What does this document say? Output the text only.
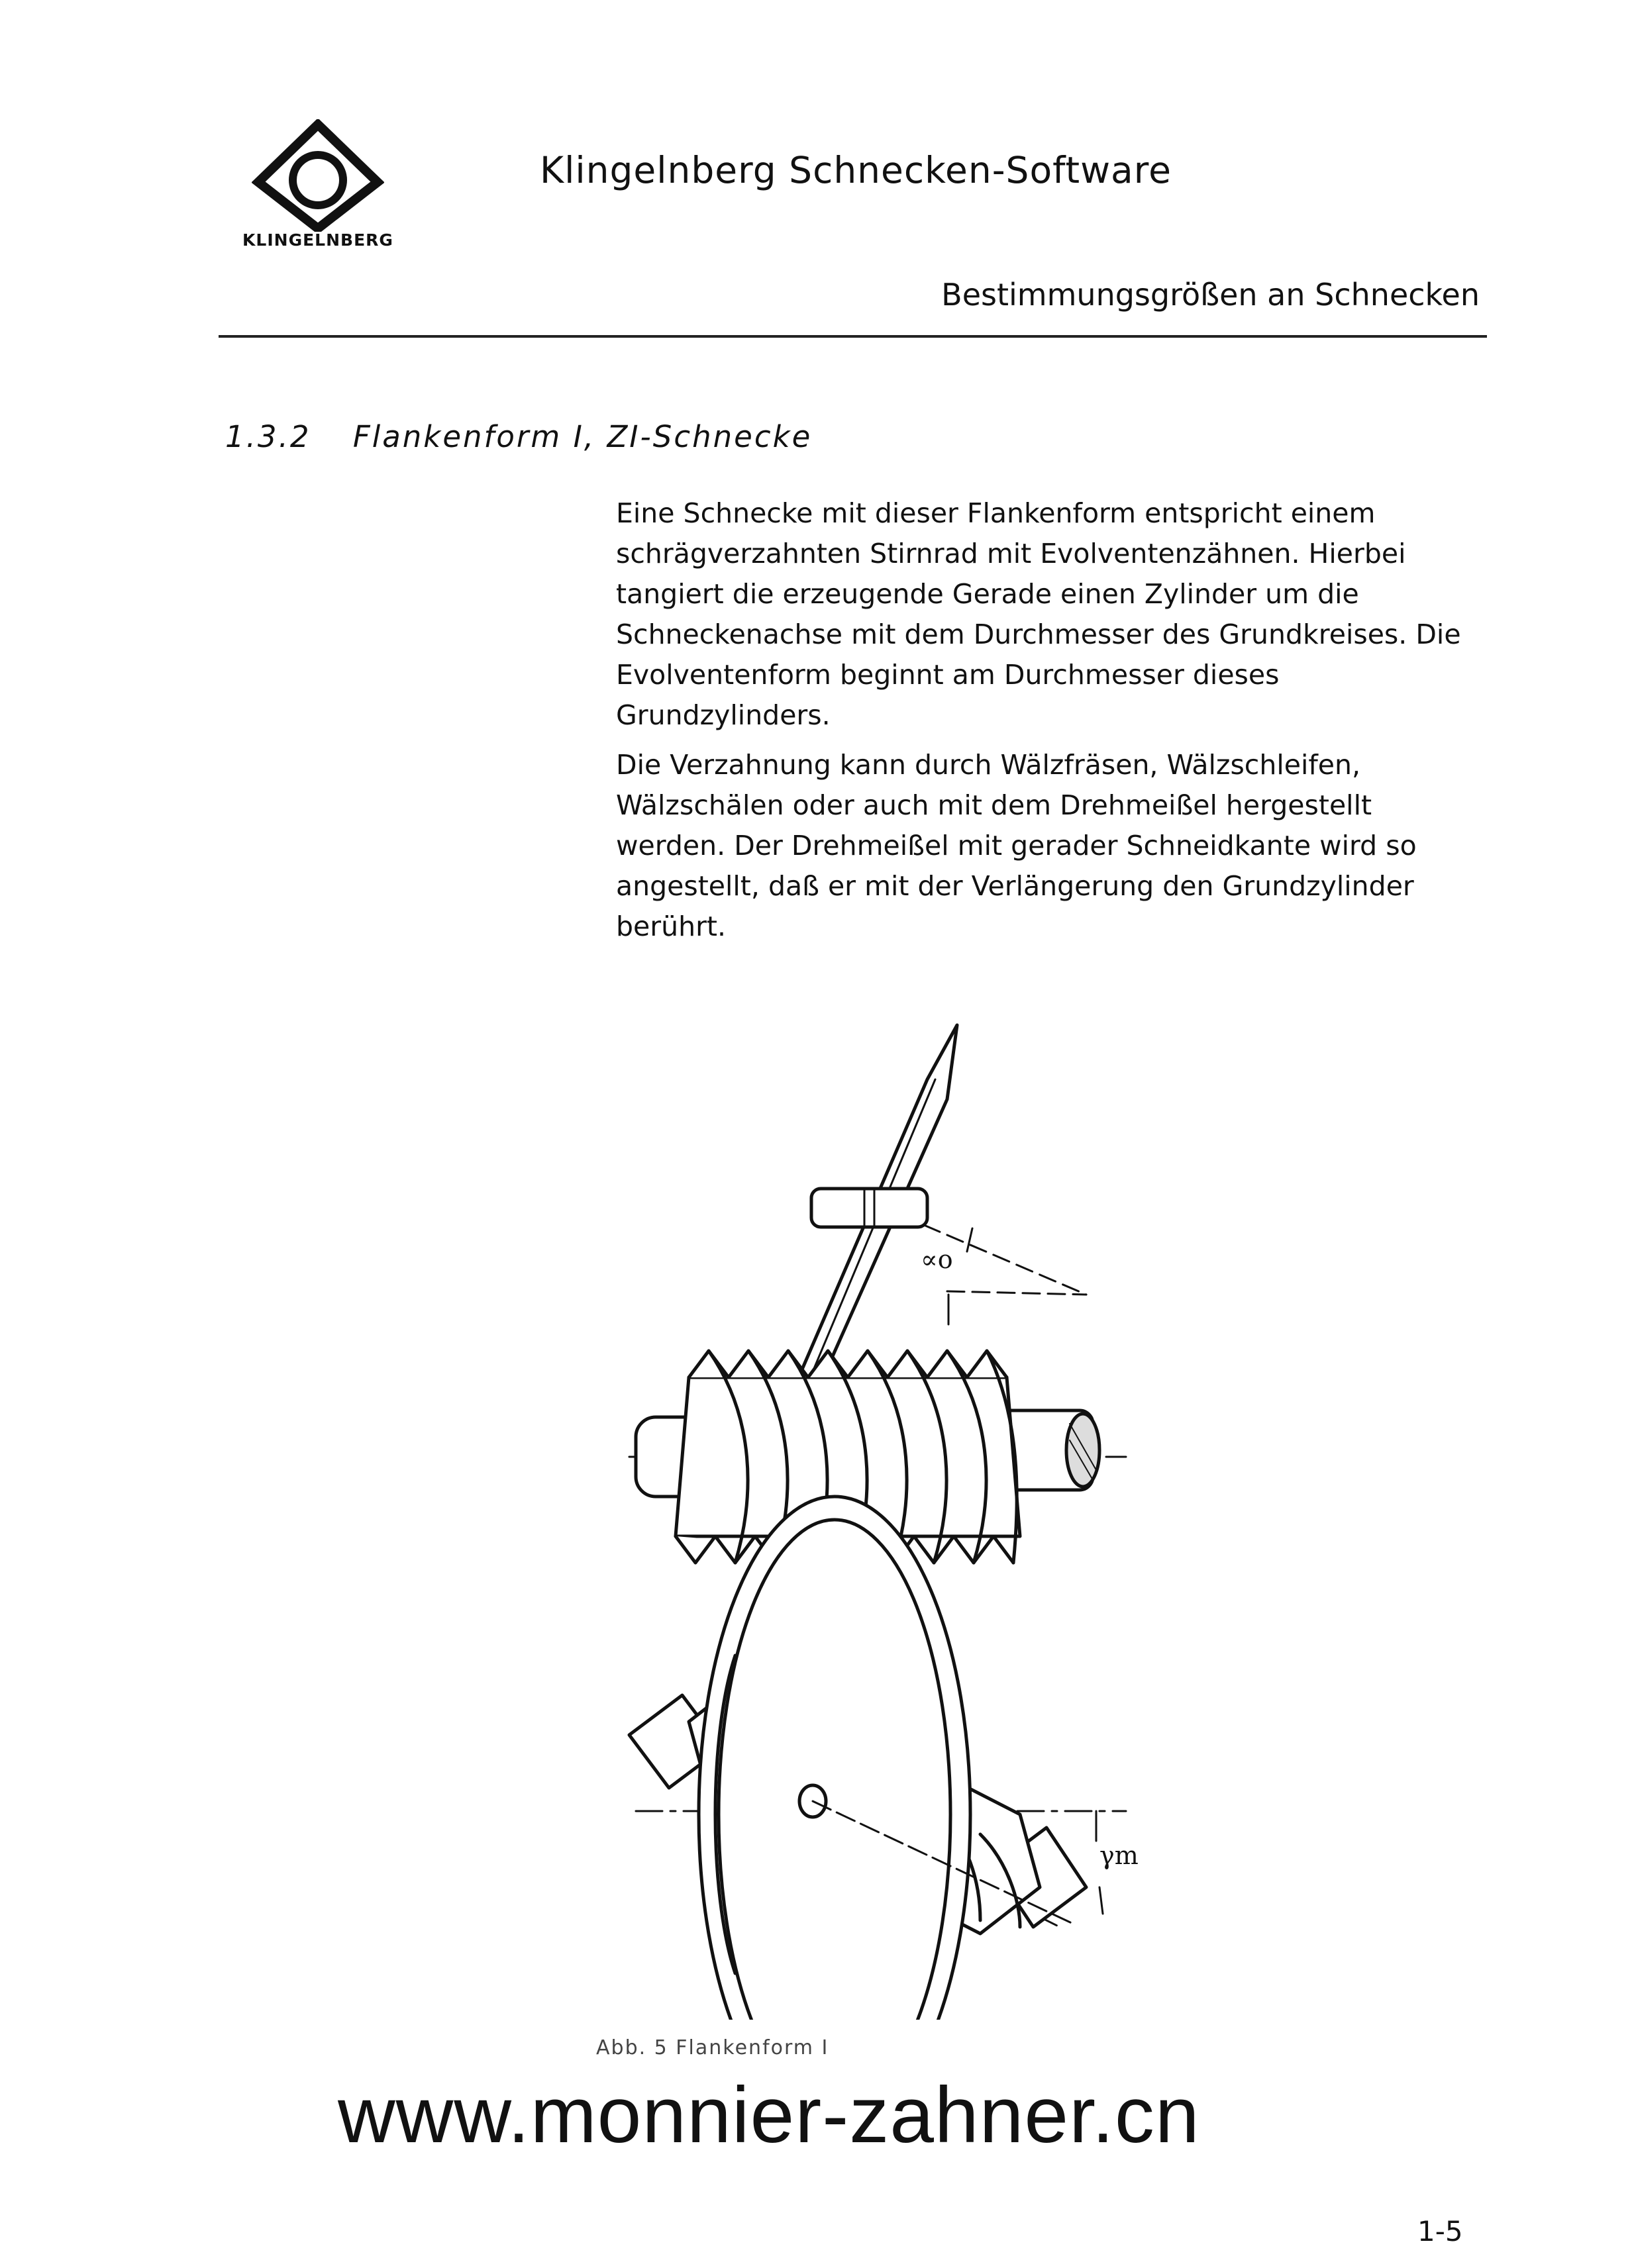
KLINGELNBERG
Klingelnberg Schnecken-Software
Bestimmungsgrößen an Schnecken
1.3.2 Flankenform I, ZI-Schnecke

Eine Schnecke mit dieser Flankenform entspricht einem schrägverzahnten Stirnrad mit Evolventenzähnen. Hierbei tangiert die erzeugende Gerade einen Zylinder um die Schneckenachse mit dem Durchmesser des Grundkreises. Die Evolventenform beginnt am Durchmesser dieses Grundzylinders.

Die Verzahnung kann durch Wälzfräsen, Wälzschleifen, Wälzschälen oder auch mit dem Drehmeißel hergestellt werden. Der Drehmeißel mit gerader Schneidkante wird so angestellt, daß er mit der Verlängerung den Grundzylinder berührt.

∝o
γm
Abb. 5 Flankenform I
www.monnier-zahner.cn
1-5
